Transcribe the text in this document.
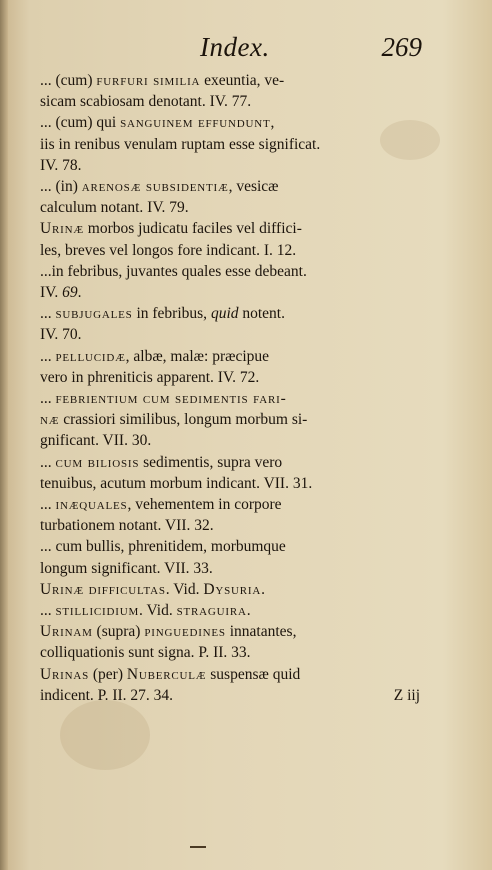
Index.	269
... (cum) furfuri similia exeuntia, ve-
sicam scabiosam denotant. IV. 77.
... (cum) qui sanguinem effundunt,
iis in renibus venulam ruptam esse significat.
IV. 78.
... (in) arenosæ subsidentiæ, vesicæ
calculum notant. IV. 79.
Urinæ morbos judicatu faciles vel diffici-
les, breves vel longos fore indicant. I. 12.
...in febribus, juvantes quales esse debeant.
IV. 69.
... subjugales in febribus, quid notent.
IV. 70.
... pellucidæ, albæ, malæ: præcipue
vero in phreniticis apparent. IV. 72.
... febrientium cum sedimentis fari-
næ crassiori similibus, longum morbum si-
gnificant. VII. 30.
... cum biliosis sedimentis, supra vero
tenuibus, acutum morbum indicant. VII. 31.
... inæquales, vehementem in corpore
turbationem notant. VII. 32.
... cum bullis, phrenitidem, morbumque
longum significant. VII. 33.
Urinæ difficultas. Vid. Dysuria.
... stillicidium. Vid. straguira.
Urinam (supra) pinguedines innatantes,
colliquationis sunt signa. P. II. 33.
Urinas (per) Nuberculæ suspensæ quid
indicent. P. II. 27. 34.	Z iij
